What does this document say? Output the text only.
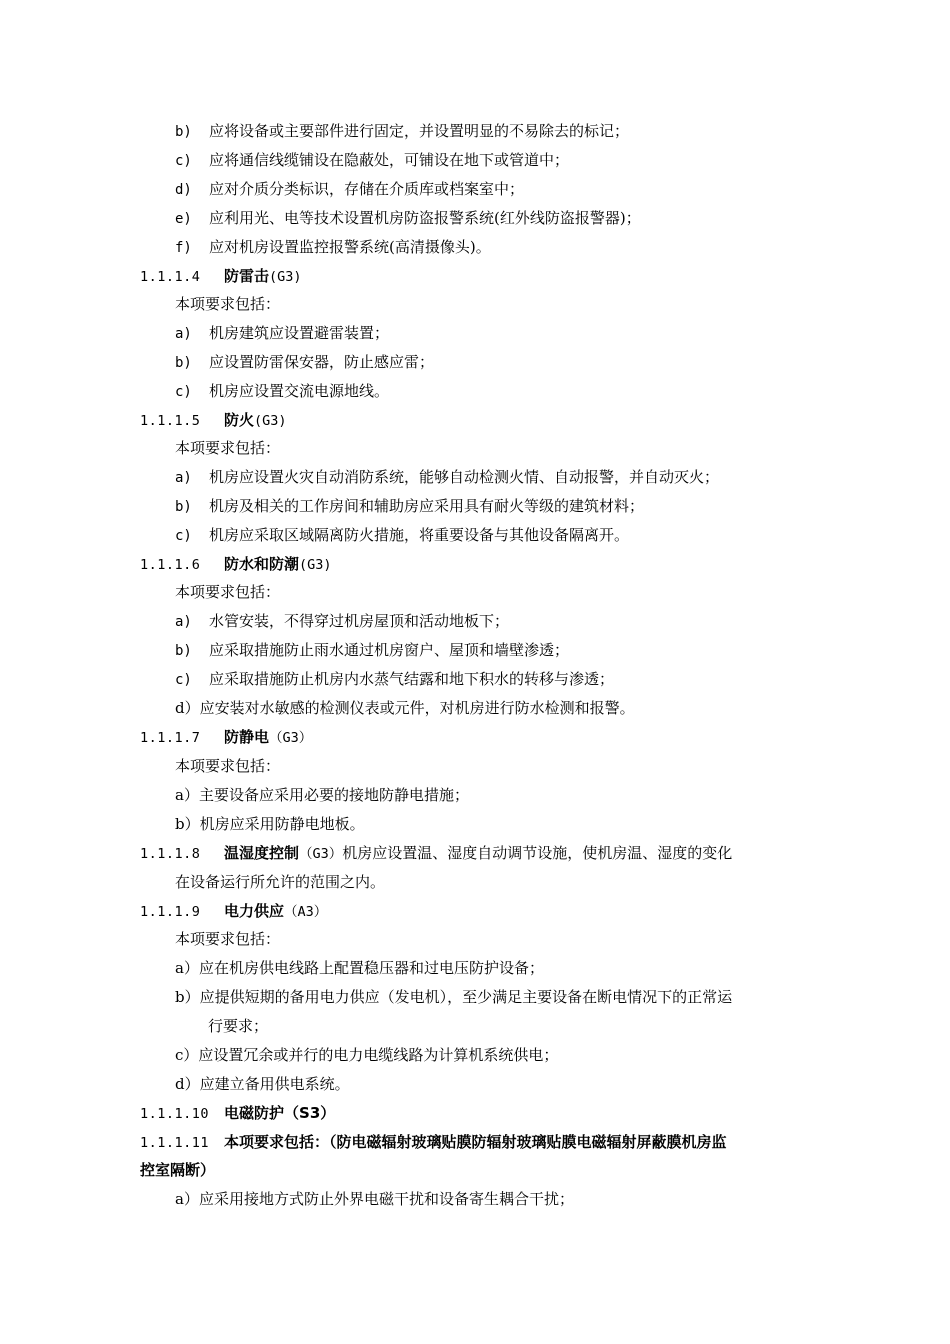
b) 应将设备或主要部件进行固定，并设置明显的不易除去的标记；
c) 应将通信线缆铺设在隐蔽处，可铺设在地下或管道中；
d) 应对介质分类标识，存储在介质库或档案室中；
e) 应利用光、电等技术设置机房防盗报警系统(红外线防盗报警器)；
f) 应对机房设置监控报警系统(高清摄像头)。
1.1.1.4 防雷击(G3)
本项要求包括：
a) 机房建筑应设置避雷装置；
b) 应设置防雷保安器，防止感应雷；
c) 机房应设置交流电源地线。
1.1.1.5 防火(G3)
本项要求包括：
a) 机房应设置火灾自动消防系统，能够自动检测火情、自动报警，并自动灭火；
b) 机房及相关的工作房间和辅助房应采用具有耐火等级的建筑材料；
c) 机房应采取区域隔离防火措施，将重要设备与其他设备隔离开。
1.1.1.6 防水和防潮(G3)
本项要求包括：
a) 水管安装，不得穿过机房屋顶和活动地板下；
b) 应采取措施防止雨水通过机房窗户、屋顶和墙壁渗透；
c) 应采取措施防止机房内水蒸气结露和地下积水的转移与渗透；
d）应安装对水敏感的检测仪表或元件，对机房进行防水检测和报警。
1.1.1.7 防静电（G3）
本项要求包括：
a）主要设备应采用必要的接地防静电措施；
b）机房应采用防静电地板。
1.1.1.8 温湿度控制（G3）机房应设置温、湿度自动调节设施，使机房温、湿度的变化
在设备运行所允许的范围之内。
1.1.1.9 电力供应（A3）
本项要求包括：
a）应在机房供电线路上配置稳压器和过电压防护设备；
b）应提供短期的备用电力供应（发电机），至少满足主要设备在断电情况下的正常运
行要求；
c）应设置冗余或并行的电力电缆线路为计算机系统供电；
d）应建立备用供电系统。
1.1.1.10 电磁防护（S3）
1.1.1.11 本项要求包括：（防电磁辐射玻璃贴膜防辐射玻璃贴膜电磁辐射屏蔽膜机房监
控室隔断）
a）应采用接地方式防止外界电磁干扰和设备寄生耦合干扰；
